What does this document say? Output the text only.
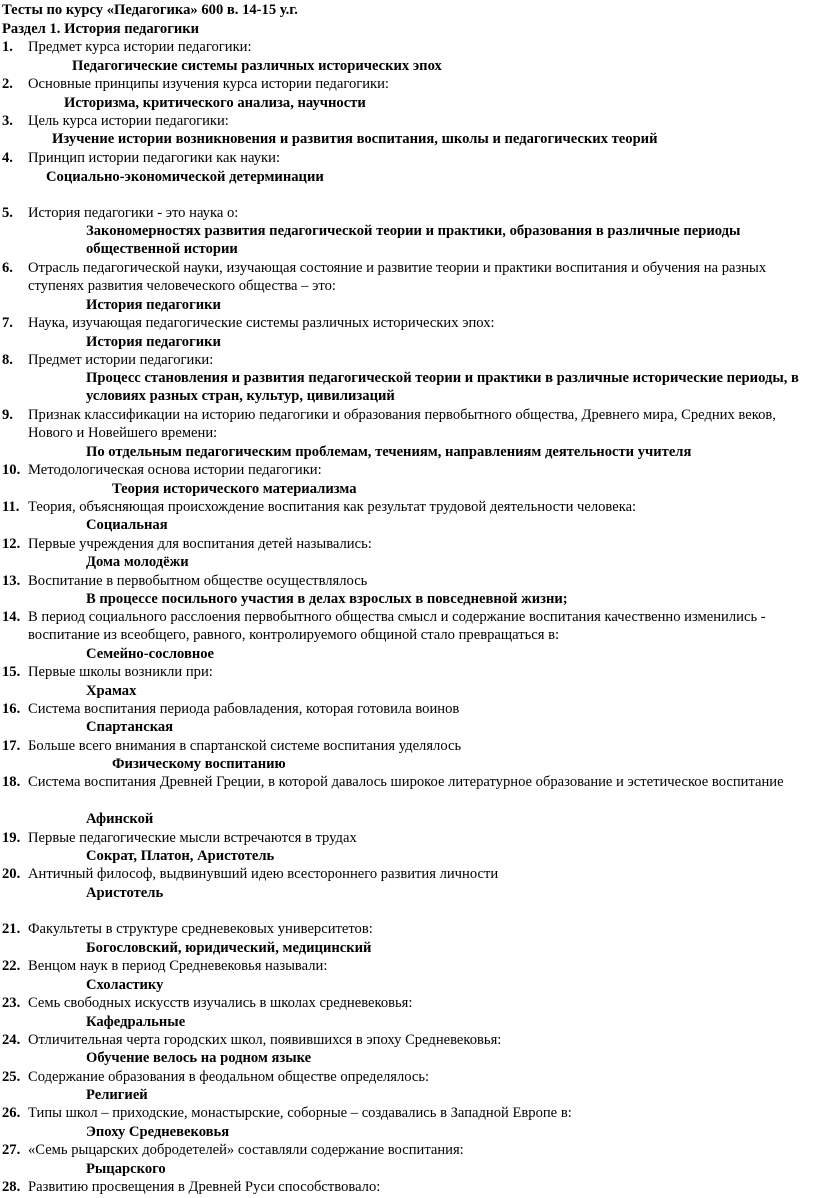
Тесты по курсу «Педагогика» 600 в. 14-15 у.г.
Раздел 1. История педагогики
1. Предмет курса истории педагогики:
Педагогические системы различных исторических эпох
2. Основные принципы изучения курса истории педагогики:
Историзма, критического анализа, научности
3. Цель курса истории педагогики:
Изучение истории возникновения и развития воспитания, школы и педагогических теорий
4. Принцип истории педагогики как науки:
Социально-экономической детерминации
5. История педагогики - это наука о:
Закономерностях развития педагогической теории и практики, образования в различные периоды общественной истории
6. Отрасль педагогической науки, изучающая состояние и развитие теории и практики воспитания и обучения на разных ступенях развития человеческого общества – это:
История педагогики
7. Наука, изучающая педагогические системы различных исторических эпох:
История педагогики
8. Предмет истории педагогики:
Процесс становления и развития педагогической теории и практики в различные исторические периоды, в условиях разных стран, культур, цивилизаций
9. Признак классификации на историю педагогики и образования первобытного общества, Древнего мира, Средних веков, Нового и Новейшего времени:
По отдельным педагогическим проблемам, течениям, направлениям деятельности учителя
10. Методологическая основа истории педагогики:
Теория исторического материализма
11. Теория, объясняющая происхождение воспитания как результат трудовой деятельности человека:
Социальная
12. Первые учреждения для воспитания детей назывались:
Дома молодёжи
13. Воспитание в первобытном обществе осуществлялось
В процессе посильного участия в делах взрослых в повседневной жизни;
14. В период социального расслоения первобытного общества смысл и содержание воспитания качественно изменились - воспитание из всеобщего, равного, контролируемого общиной стало превращаться в:
Семейно-сословное
15. Первые школы возникли при:
Храмах
16. Система воспитания периода рабовладения, которая готовила воинов
Спартанская
17. Больше всего внимания в спартанской системе воспитания уделялось
Физическому воспитанию
18. Система воспитания Древней Греции, в которой давалось широкое литературное образование и эстетическое воспитание
Афинской
19. Первые педагогические мысли встречаются в трудах
Сократ, Платон, Аристотель
20. Античный философ, выдвинувший идею всестороннего развития личности
Аристотель
21. Факультеты в структуре средневековых университетов:
Богословский, юридический, медицинский
22. Венцом наук в период Средневековья называли:
Схоластику
23. Семь свободных искусств изучались в школах средневековья:
Кафедральные
24. Отличительная черта городских школ, появившихся в эпоху Средневековья:
Обучение велось на родном языке
25. Содержание образования в феодальном обществе определялось:
Религией
26. Типы школ – приходские, монастырские, соборные – создавались в Западной Европе в:
Эпоху Средневековья
27. «Семь рыцарских добродетелей» составляли содержание воспитания:
Рыцарского
28. Развитию просвещения в Древней Руси способствовало:
